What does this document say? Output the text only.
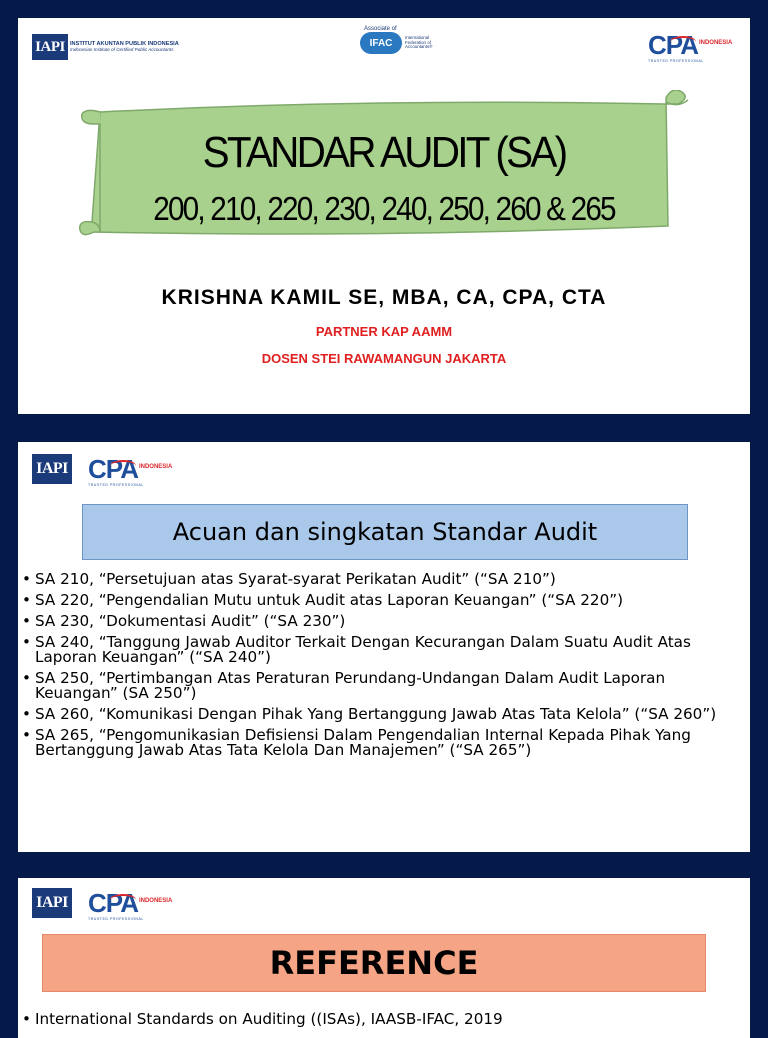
IAPI INSTITUT AKUNTAN PUBLIK INDONESIA
Indonesian Institute of Certified Public Accountants
Associate of
IFAC
International Federation of Accountants®	CPA INDONESIA
TRUSTED PROFESSIONAL
STANDAR AUDIT (SA)
200, 210, 220, 230, 240, 250, 260 & 265
KRISHNA KAMIL SE, MBA, CA, CPA, CTA
PARTNER KAP AAMM
DOSEN STEI RAWAMANGUN JAKARTA
IAPI CPA INDONESIA
TRUSTED PROFESSIONAL
Acuan dan singkatan Standar Audit
• SA 210, “Persetujuan atas Syarat-syarat Perikatan Audit” (“SA 210”)
• SA 220, “Pengendalian Mutu untuk Audit atas Laporan Keuangan” (“SA 220”)
• SA 230, “Dokumentasi Audit” (“SA 230”)
• SA 240, “Tanggung Jawab Auditor Terkait Dengan Kecurangan Dalam Suatu Audit Atas Laporan Keuangan” (“SA 240”)
• SA 250, “Pertimbangan Atas Peraturan Perundang-Undangan Dalam Audit Laporan Keuangan” (SA 250”)
• SA 260, “Komunikasi Dengan Pihak Yang Bertanggung Jawab Atas Tata Kelola” (“SA 260”)
• SA 265, “Pengomunikasian Defisiensi Dalam Pengendalian Internal Kepada Pihak Yang Bertanggung Jawab Atas Tata Kelola Dan Manajemen” (“SA 265”)
IAPI CPA INDONESIA
TRUSTED PROFESSIONAL
REFERENCE
• International Standards on Auditing ((ISAs), IAASB-IFAC, 2019
